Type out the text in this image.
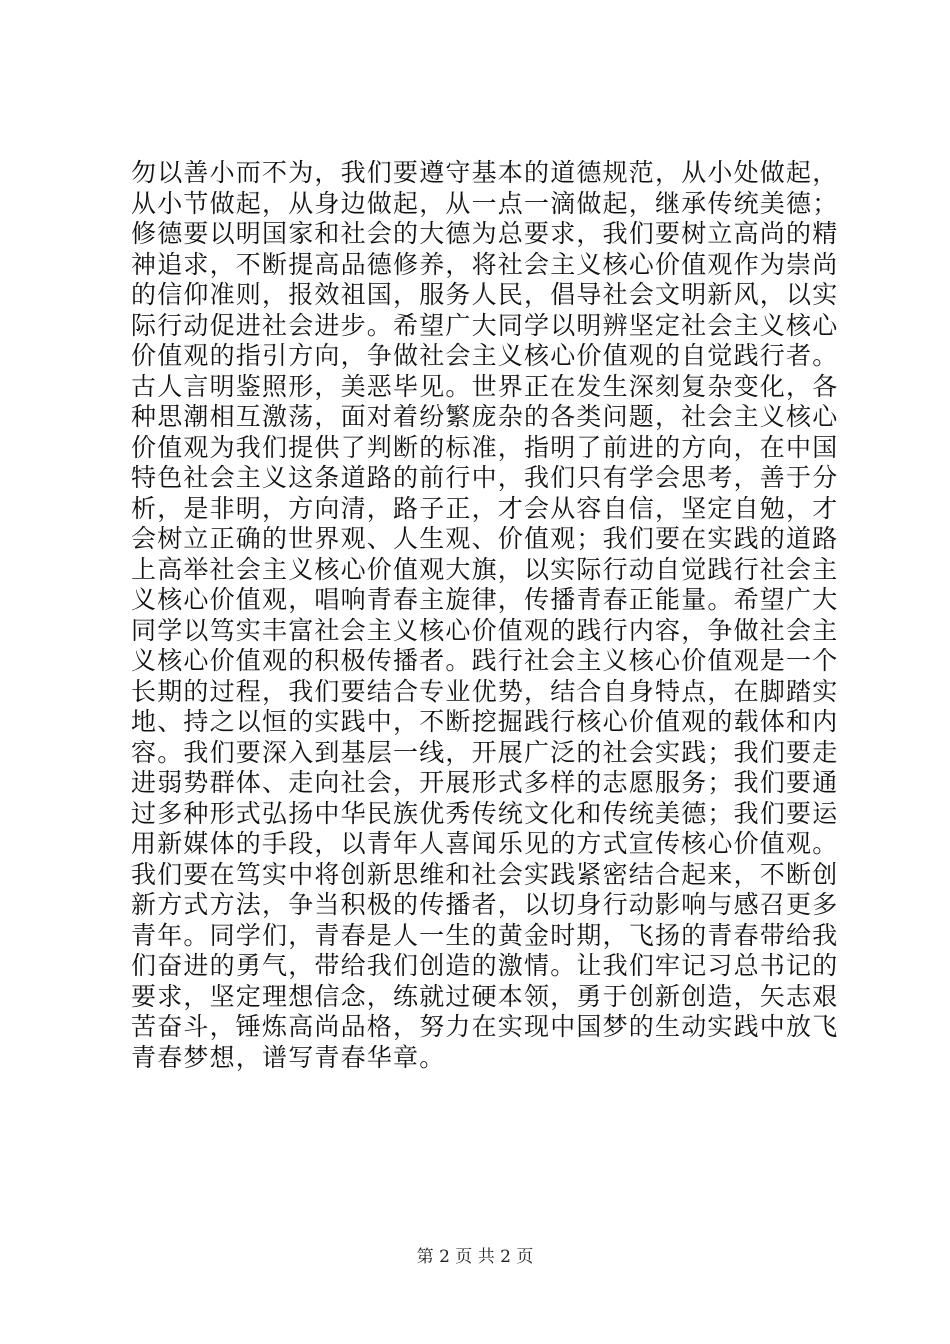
勿以善小而不为，我们要遵守基本的道德规范，从小处做起，
从小节做起，从身边做起，从一点一滴做起，继承传统美德；
修德要以明国家和社会的大德为总要求，我们要树立高尚的精
神追求，不断提高品德修养，将社会主义核心价值观作为崇尚
的信仰准则，报效祖国，服务人民，倡导社会文明新风，以实
际行动促进社会进步。希望广大同学以明辨坚定社会主义核心
价值观的指引方向，争做社会主义核心价值观的自觉践行者。
古人言明鉴照形，美恶毕见。世界正在发生深刻复杂变化，各
种思潮相互激荡，面对着纷繁庞杂的各类问题，社会主义核心
价值观为我们提供了判断的标准，指明了前进的方向，在中国
特色社会主义这条道路的前行中，我们只有学会思考，善于分
析，是非明，方向清，路子正，才会从容自信，坚定自勉，才
会树立正确的世界观、人生观、价值观；我们要在实践的道路
上高举社会主义核心价值观大旗，以实际行动自觉践行社会主
义核心价值观，唱响青春主旋律，传播青春正能量。希望广大
同学以笃实丰富社会主义核心价值观的践行内容，争做社会主
义核心价值观的积极传播者。践行社会主义核心价值观是一个
长期的过程，我们要结合专业优势，结合自身特点，在脚踏实
地、持之以恒的实践中，不断挖掘践行核心价值观的载体和内
容。我们要深入到基层一线，开展广泛的社会实践；我们要走
进弱势群体、走向社会，开展形式多样的志愿服务；我们要通
过多种形式弘扬中华民族优秀传统文化和传统美德；我们要运
用新媒体的手段，以青年人喜闻乐见的方式宣传核心价值观。
我们要在笃实中将创新思维和社会实践紧密结合起来，不断创
新方式方法，争当积极的传播者，以切身行动影响与感召更多
青年。同学们，青春是人一生的黄金时期，飞扬的青春带给我
们奋进的勇气，带给我们创造的激情。让我们牢记习总书记的
要求，坚定理想信念，练就过硬本领，勇于创新创造，矢志艰
苦奋斗，锤炼高尚品格，努力在实现中国梦的生动实践中放飞
青春梦想，谱写青春华章。
第 2 页 共 2 页
